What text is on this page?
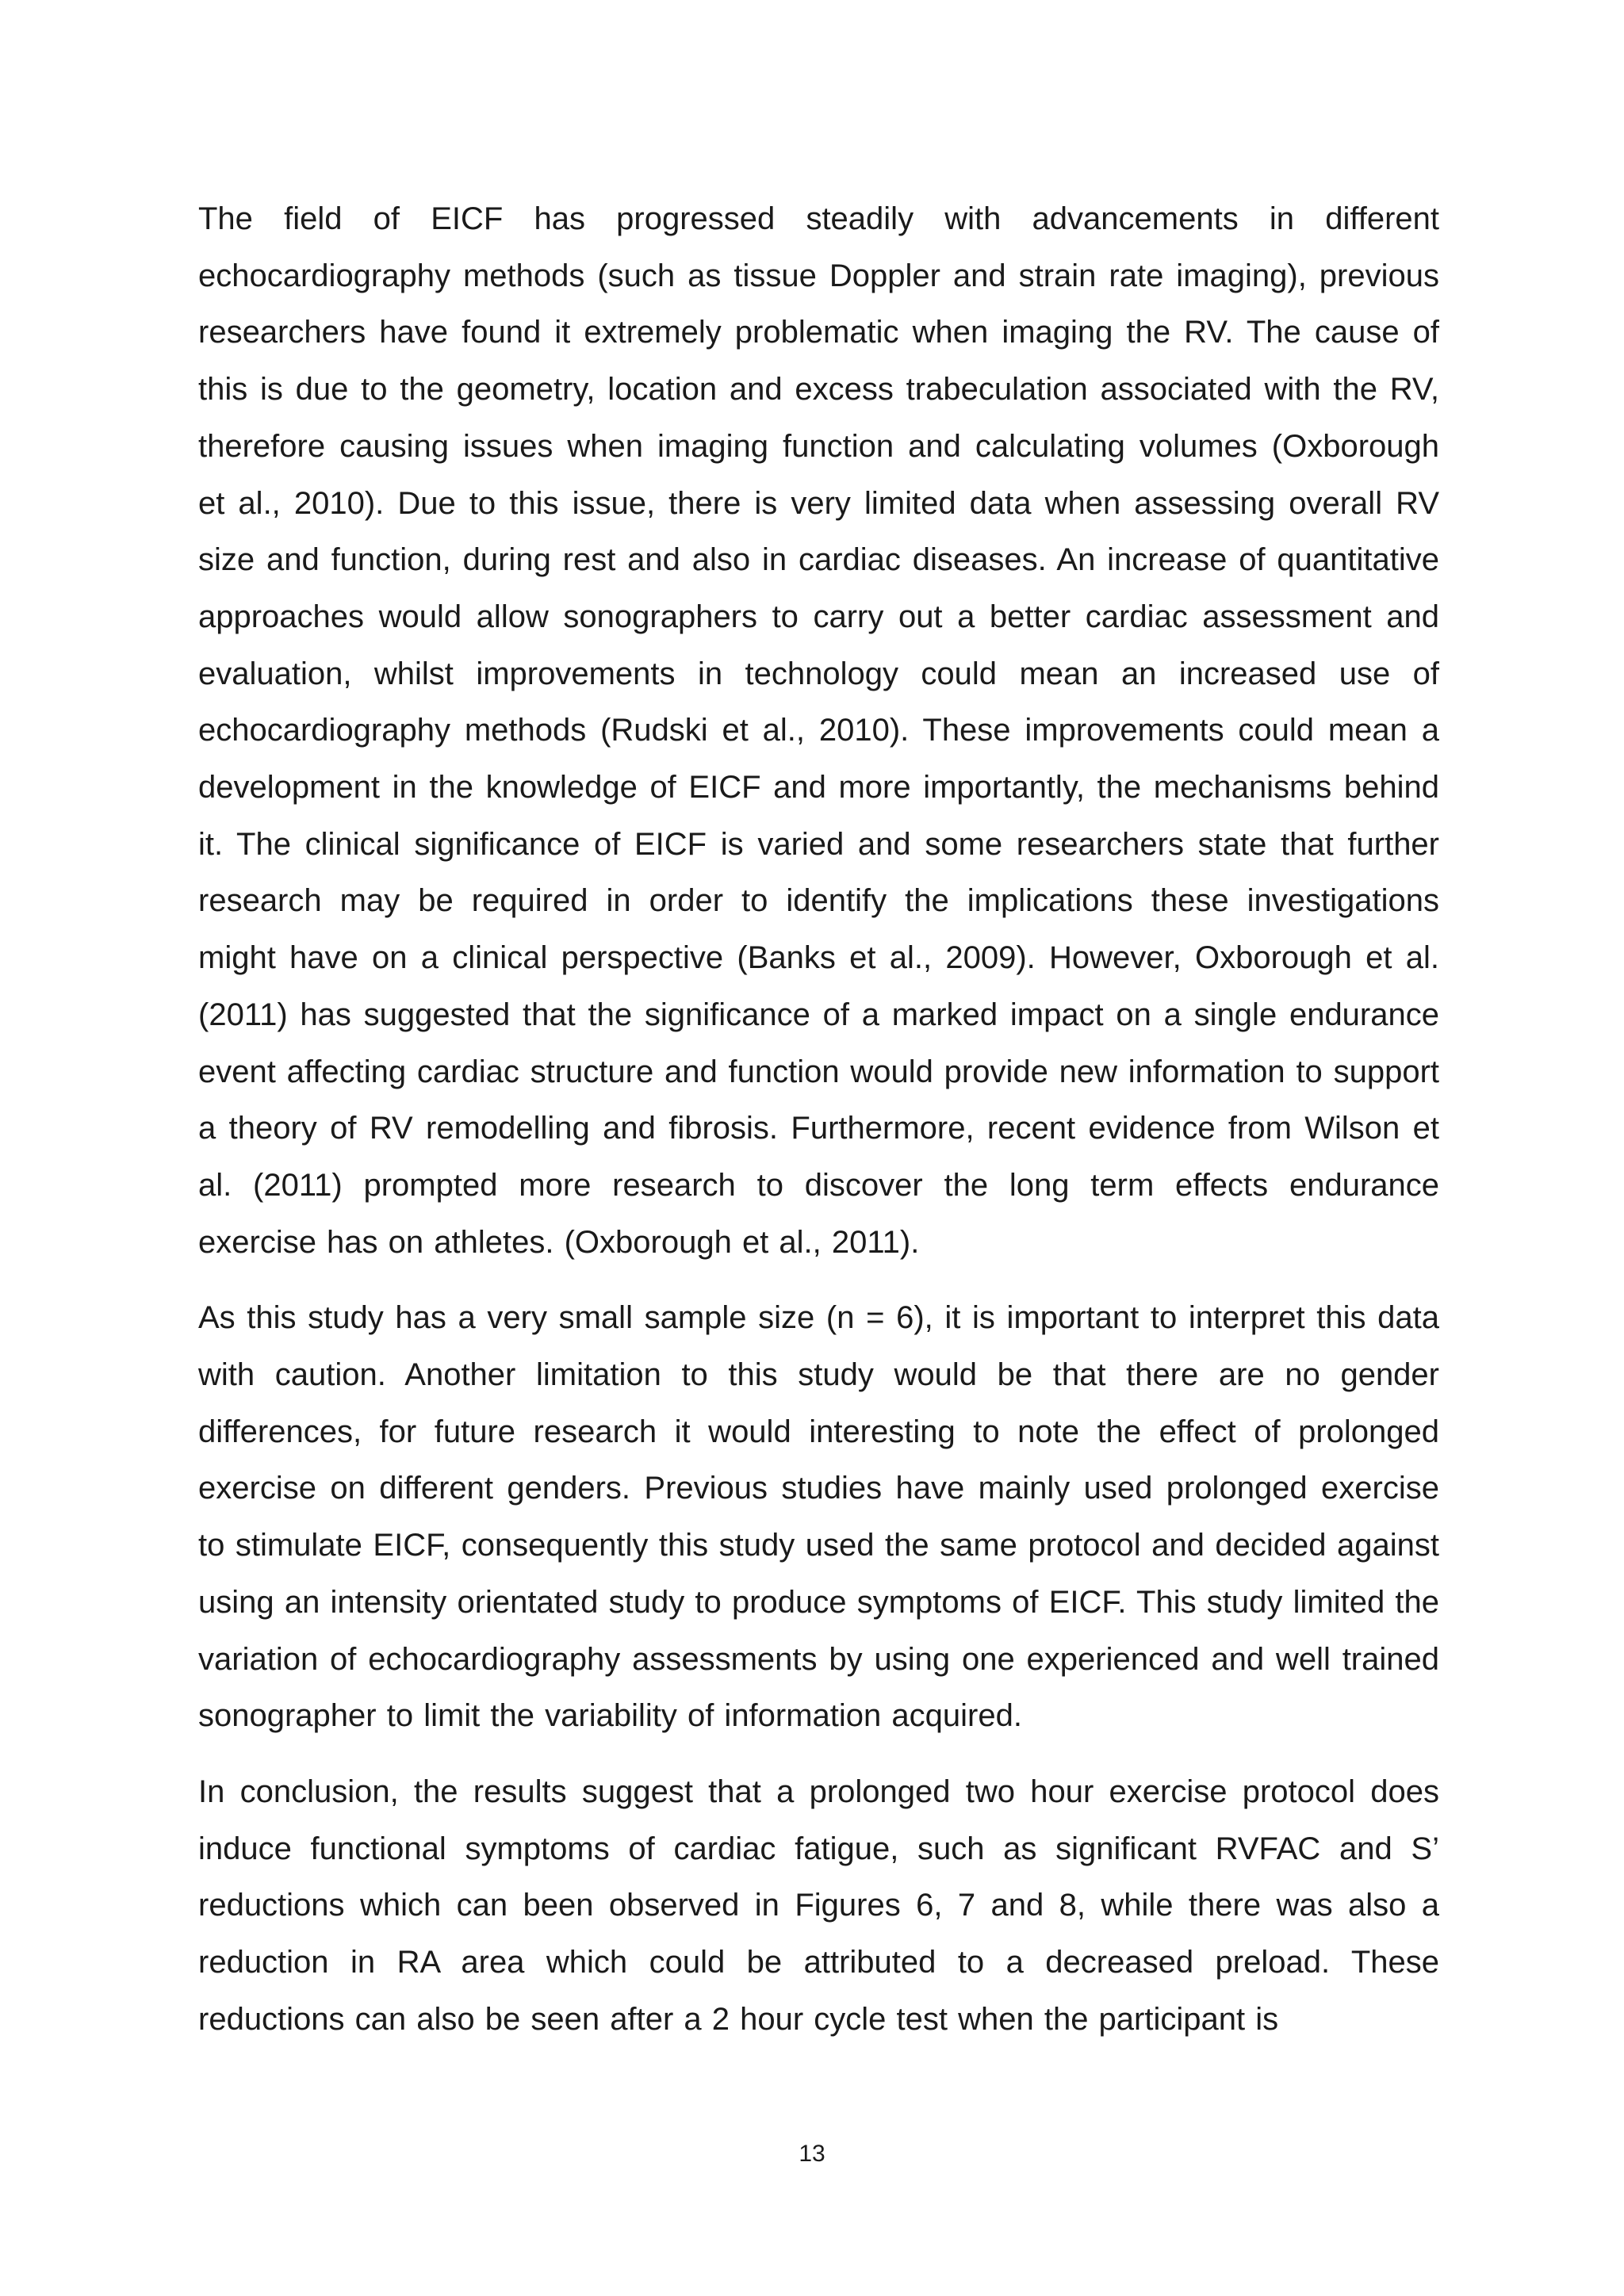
The field of EICF has progressed steadily with advancements in different echocardiography methods (such as tissue Doppler and strain rate imaging), previous researchers have found it extremely problematic when imaging the RV. The cause of this is due to the geometry, location and excess trabeculation associated with the RV, therefore causing issues when imaging function and calculating volumes (Oxborough et al., 2010). Due to this issue, there is very limited data when assessing overall RV size and function, during rest and also in cardiac diseases. An increase of quantitative approaches would allow sonographers to carry out a better cardiac assessment and evaluation, whilst improvements in technology could mean an increased use of echocardiography methods (Rudski et al., 2010). These improvements could mean a development in the knowledge of EICF and more importantly, the mechanisms behind it. The clinical significance of EICF is varied and some researchers state that further research may be required in order to identify the implications these investigations might have on a clinical perspective (Banks et al., 2009). However, Oxborough et al. (2011) has suggested that the significance of a marked impact on a single endurance event affecting cardiac structure and function would provide new information to support a theory of RV remodelling and fibrosis. Furthermore, recent evidence from Wilson et al. (2011) prompted more research to discover the long term effects endurance exercise has on athletes. (Oxborough et al., 2011).

As this study has a very small sample size (n = 6), it is important to interpret this data with caution. Another limitation to this study would be that there are no gender differences, for future research it would interesting to note the effect of prolonged exercise on different genders. Previous studies have mainly used prolonged exercise to stimulate EICF, consequently this study used the same protocol and decided against using an intensity orientated study to produce symptoms of EICF. This study limited the variation of echocardiography assessments by using one experienced and well trained sonographer to limit the variability of information acquired.

In conclusion, the results suggest that a prolonged two hour exercise protocol does induce functional symptoms of cardiac fatigue, such as significant RVFAC and S’ reductions which can been observed in Figures 6, 7 and 8, while there was also a reduction in RA area which could be attributed to a decreased preload. These reductions can also be seen after a 2 hour cycle test when the participant is

13
